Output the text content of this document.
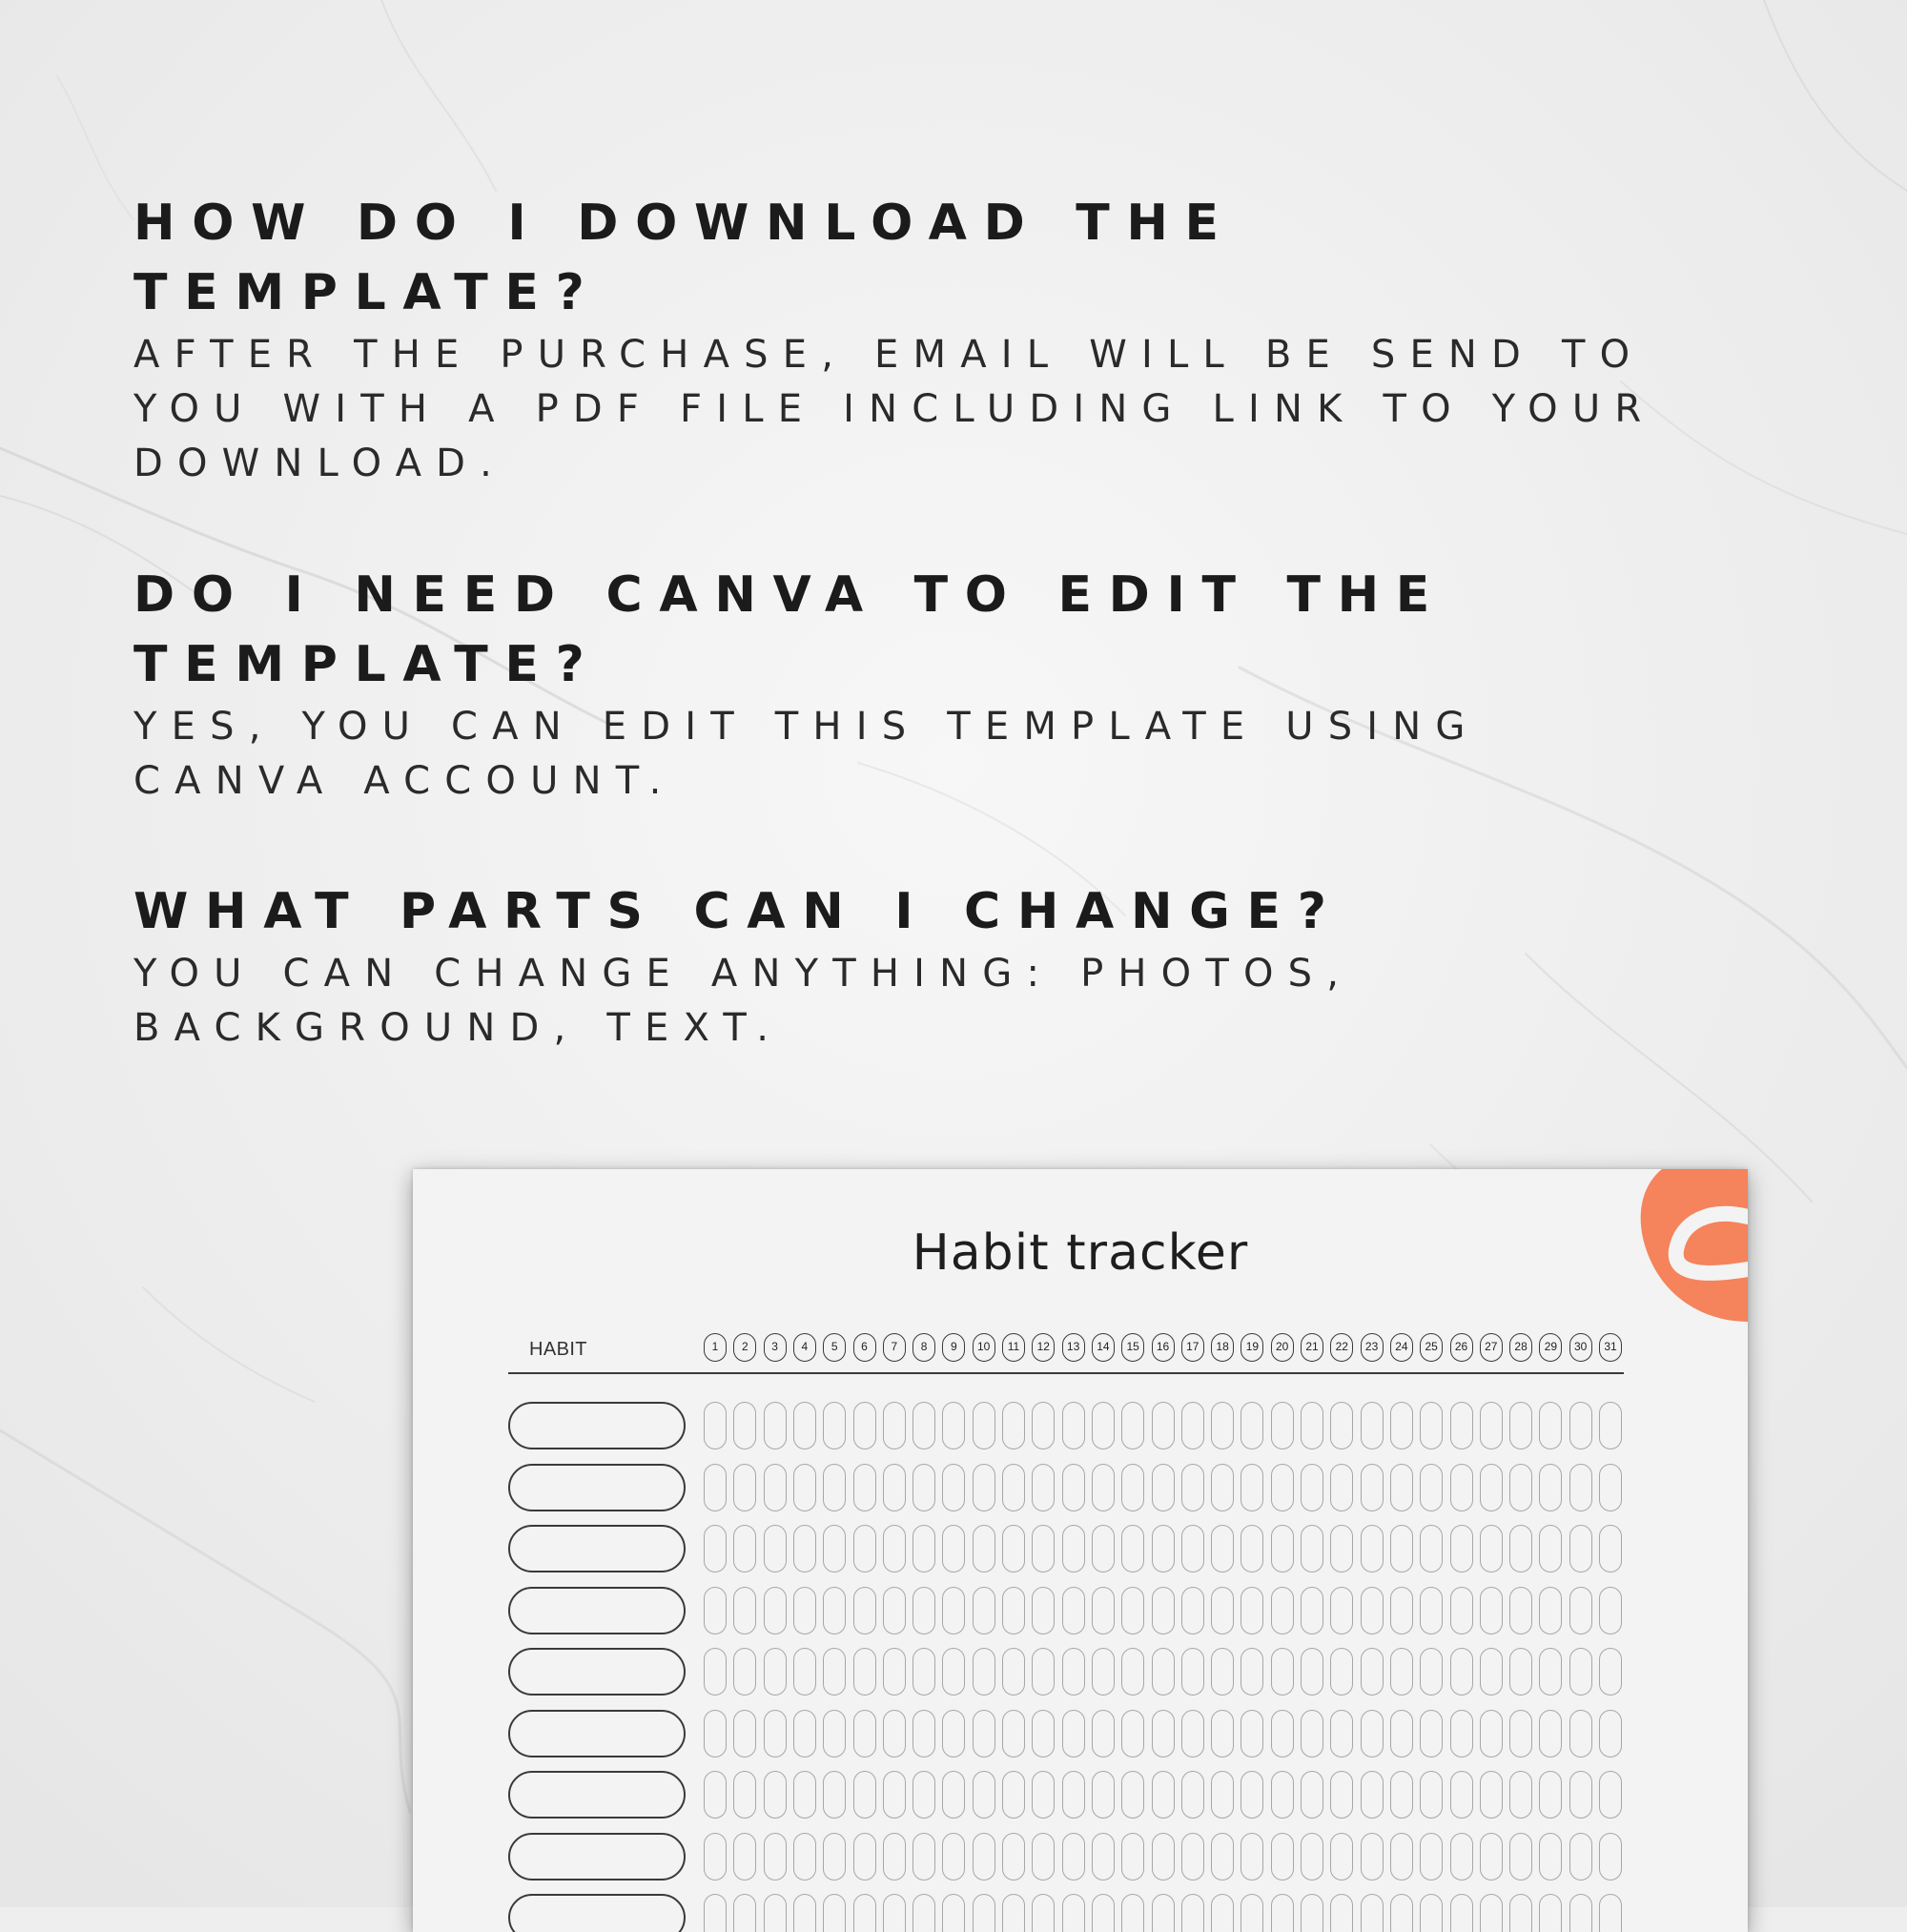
HOW DO I DOWNLOAD THE TEMPLATE?

AFTER THE PURCHASE, EMAIL WILL BE SEND TO YOU WITH A PDF FILE INCLUDING LINK TO YOUR DOWNLOAD.

DO I NEED CANVA TO EDIT THE TEMPLATE?

YES, YOU CAN EDIT THIS TEMPLATE USING CANVA ACCOUNT.

WHAT PARTS CAN I CHANGE?

YOU CAN CHANGE ANYTHING: PHOTOS, BACKGROUND, TEXT.

Habit tracker
HABIT	1	2	3	4	5	6	7	8	9	10	11	12	13	14	15	16	17	18	19	20	21	22	23	24	25	26	27	28	29	30	31
